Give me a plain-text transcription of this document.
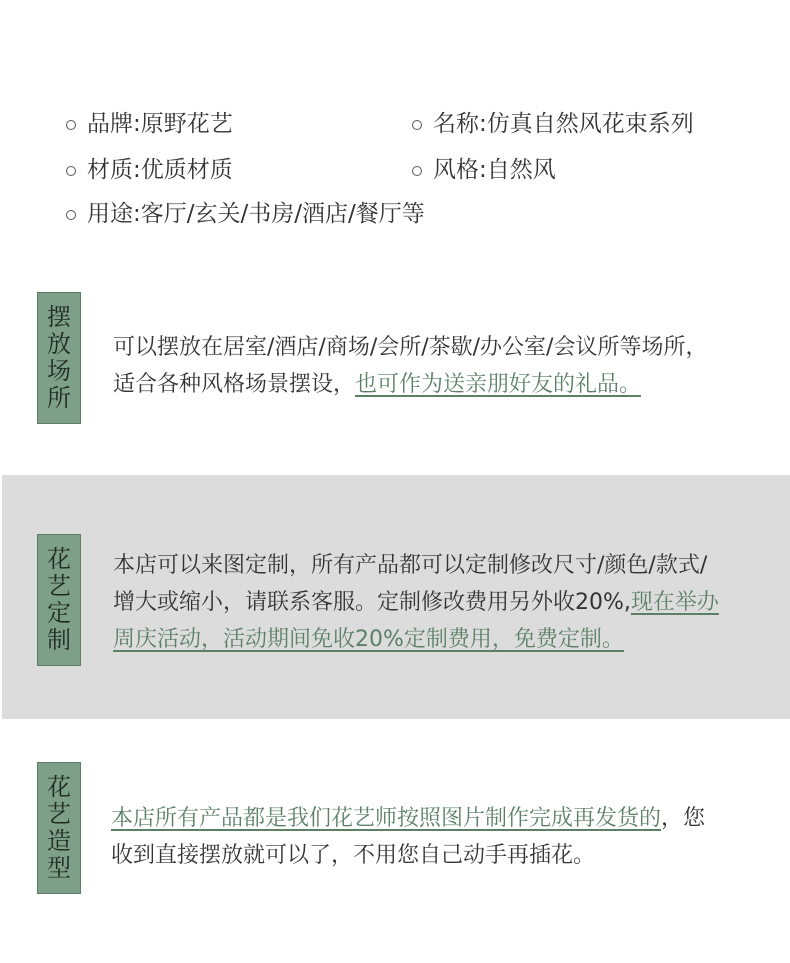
品牌:原野花艺	名称:仿真自然风花束系列
材质:优质材质	风格:自然风
用途:客厅/玄关/书房/酒店/餐厅等
摆
放
场
所
可以摆放在居室/酒店/商场/会所/茶歇/办公室/会议所等场所，
适合各种风格场景摆设，也可作为送亲朋好友的礼品。
花
艺
定
制
本店可以来图定制，所有产品都可以定制修改尺寸/颜色/款式/
增大或缩小，请联系客服。定制修改费用另外收20%,现在举办
周庆活动，活动期间免收20%定制费用，免费定制。
花
艺
造
型
本店所有产品都是我们花艺师按照图片制作完成再发货的，您
收到直接摆放就可以了，不用您自己动手再插花。
